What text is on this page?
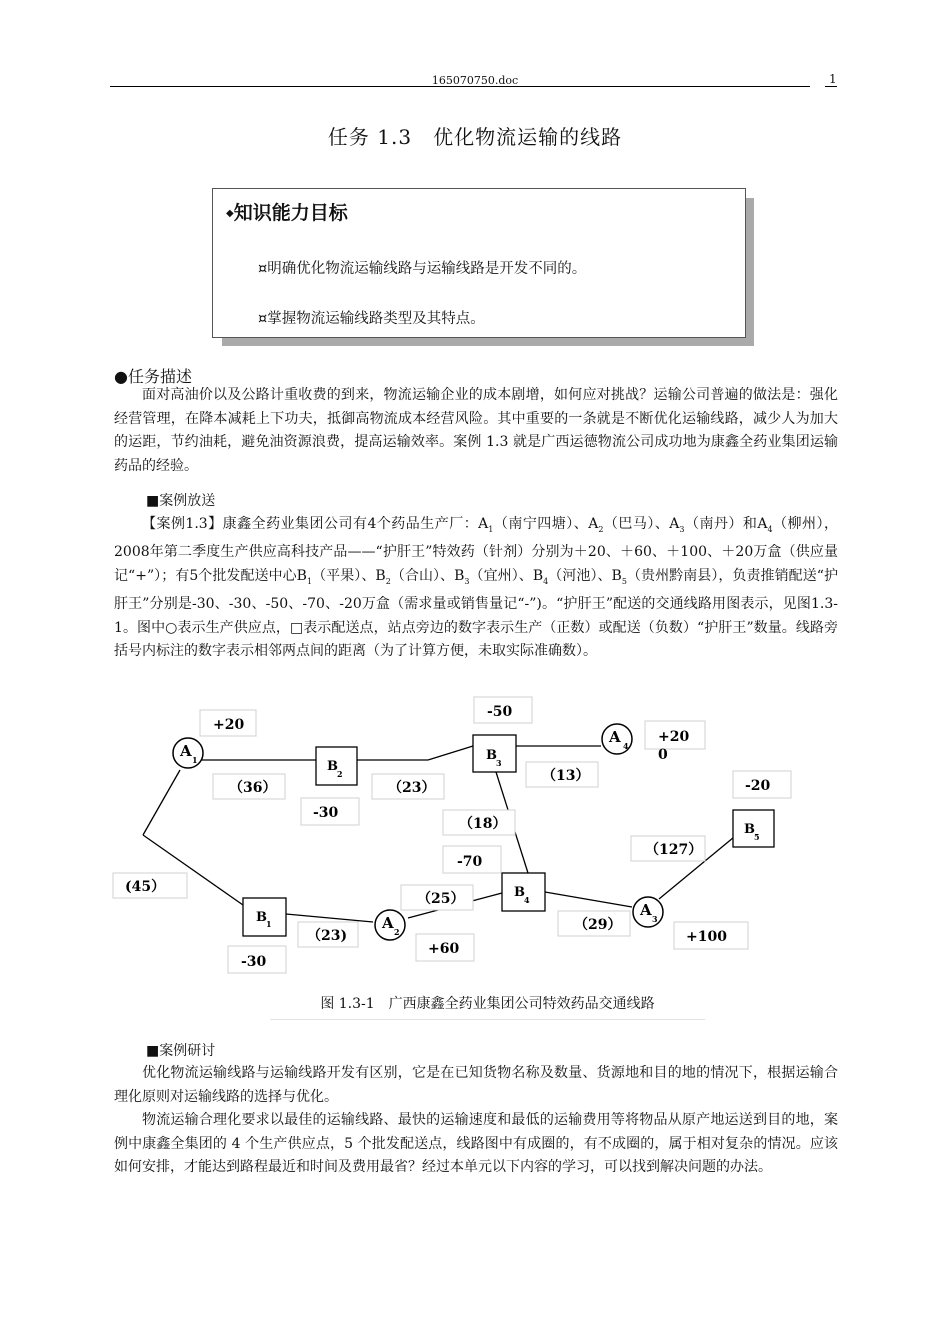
165070750.doc	1
任务 1.3　优化物流运输的线路
◆知识能力目标
¤明确优化物流运输线路与运输线路是开发不同的。
¤掌握物流运输线路类型及其特点。
●任务描述

面对高油价以及公路计重收费的到来，物流运输企业的成本剧增，如何应对挑战？运输公司普遍的做法是：强化经营管理，在降本减耗上下功夫，抵御高物流成本经营风险。其中重要的一条就是不断优化运输线路，减少人为加大的运距，节约油耗，避免油资源浪费，提高运输效率。案例 1.3 就是广西运德物流公司成功地为康鑫全药业集团运输药品的经验。

■案例放送

【案例1.3】康鑫全药业集团公司有4个药品生产厂：$A_1$（南宁四塘）、$A_2$（巴马）、$A_3$（南丹）和$A_4$（柳州），2008年第二季度生产供应高科技产品——“护肝王”特效药（针剂）分别为＋20、＋60、＋100、＋20万盒（供应量记“+”）；有5个批发配送中心$B_1$（平果）、$B_2$（合山）、$B_3$（宜州）、$B_4$（河池）、$B_5$（贵州黔南县），负责推销配送“护肝王”分别是-30、-30、-50、-70、-20万盒（需求量或销售量记“-”)。“护肝王”配送的交通线路用图表示，见图1.3-1。图中○表示生产供应点，□表示配送点，站点旁边的数字表示生产（正数）或配送（负数）“护肝王”数量。线路旁括号内标注的数字表示相邻两点间的距离（为了计算方便，未取实际准确数）。

A 1
A 2
A 3
A 4
B 1
B 2
B 3
B 4
B 5
+20
-50
+20
0
-20
-30
-70
-30
+60
+100
（36）	（23）
（13）
（18）
(45）
（25）
（23)
（29）
（127）
图 1.3-1　广西康鑫全药业集团公司特效药品交通线路
■案例研讨

优化物流运输线路与运输线路开发有区别，它是在已知货物名称及数量、货源地和目的地的情况下，根据运输合理化原则对运输线路的选择与优化。

物流运输合理化要求以最佳的运输线路、最快的运输速度和最低的运输费用等将物品从原产地运送到目的地，案例中康鑫全集团的 4 个生产供应点，5 个批发配送点，线路图中有成圈的，有不成圈的，属于相对复杂的情况。应该如何安排，才能达到路程最近和时间及费用最省？经过本单元以下内容的学习，可以找到解决问题的办法。
